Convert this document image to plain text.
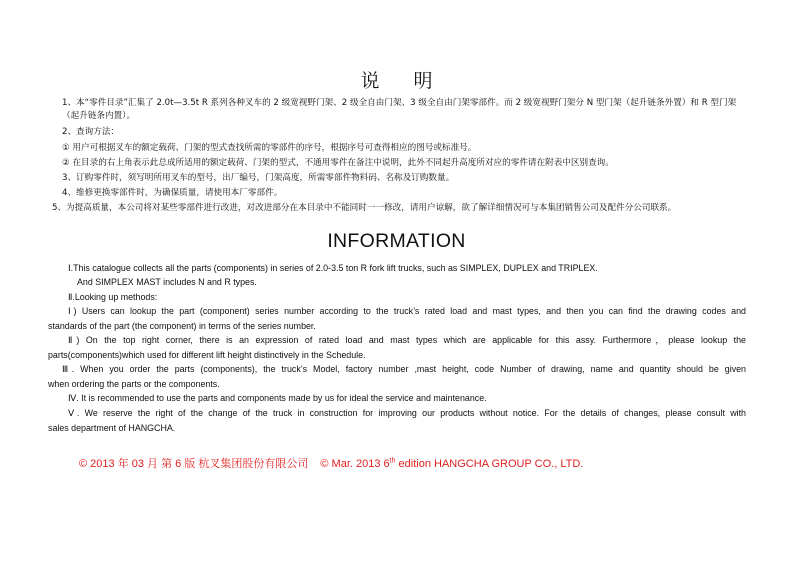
说 明
1、本“零件目录”汇集了 2.0t—3.5t R 系列各种叉车的 2 级宽视野门架、2 级全自由门架、3 级全自由门架零部件。而 2 级宽视野门架分 N 型门架（起升链条外置）和 R 型门架（起升链条内置）。
2、查询方法：
① 用户可根据叉车的额定载荷、门架的型式查找所需的零部件的序号，根据序号可查得相应的图号或标准号。
② 在目录的右上角表示此总成所适用的额定载荷、门架的型式，不通用零件在备注中说明，此外不同起升高度所对应的零件请在附表中区别查询。
3、订购零件时，须写明所用叉车的型号，出厂编号，门架高度，所需零部件物料码、名称及订购数量。
4、维修更换零部件时，为确保质量，请使用本厂零部件。
5、为提高质量，本公司将对某些零部件进行改进，对改进部分在本目录中不能同时一一修改，请用户谅解，欲了解详细情况可与本集团销售公司及配件分公司联系。
INFORMATION
Ⅰ.This catalogue collects all the parts (components) in series of 2.0-3.5 ton R fork lift trucks, such as SIMPLEX, DUPLEX and TRIPLEX.
And SIMPLEX MAST includes N and R types.
Ⅱ.Looking up methods:
Ⅰ) Users can lookup the part (component) series number according to the truck’s rated load and mast types, and then you can find the drawing codes and
standards of the part (the component) in terms of the series number.
Ⅱ) On the top right corner, there is an expression of rated load and mast types which are applicable for this assy. Furthermore，please lookup the
parts(components)which used for different lift height distinctively in the Schedule.
Ⅲ. When you order the parts (components), the truck’s Model, factory number ,mast height, code Number of drawing, name and quantity should be given
when ordering the parts or the components.
Ⅳ. It is recommended to use the parts and components made by us for ideal the service and maintenance.
Ⅴ. We reserve the right of the change of the truck in construction for improving our products without notice. For the details of changes, please consult with
sales department of HANGCHA.
© 2013 年 03 月 第 6 版 杭叉集团股份有限公司 © Mar. 2013 6th edition HANGCHA GROUP CO., LTD.
